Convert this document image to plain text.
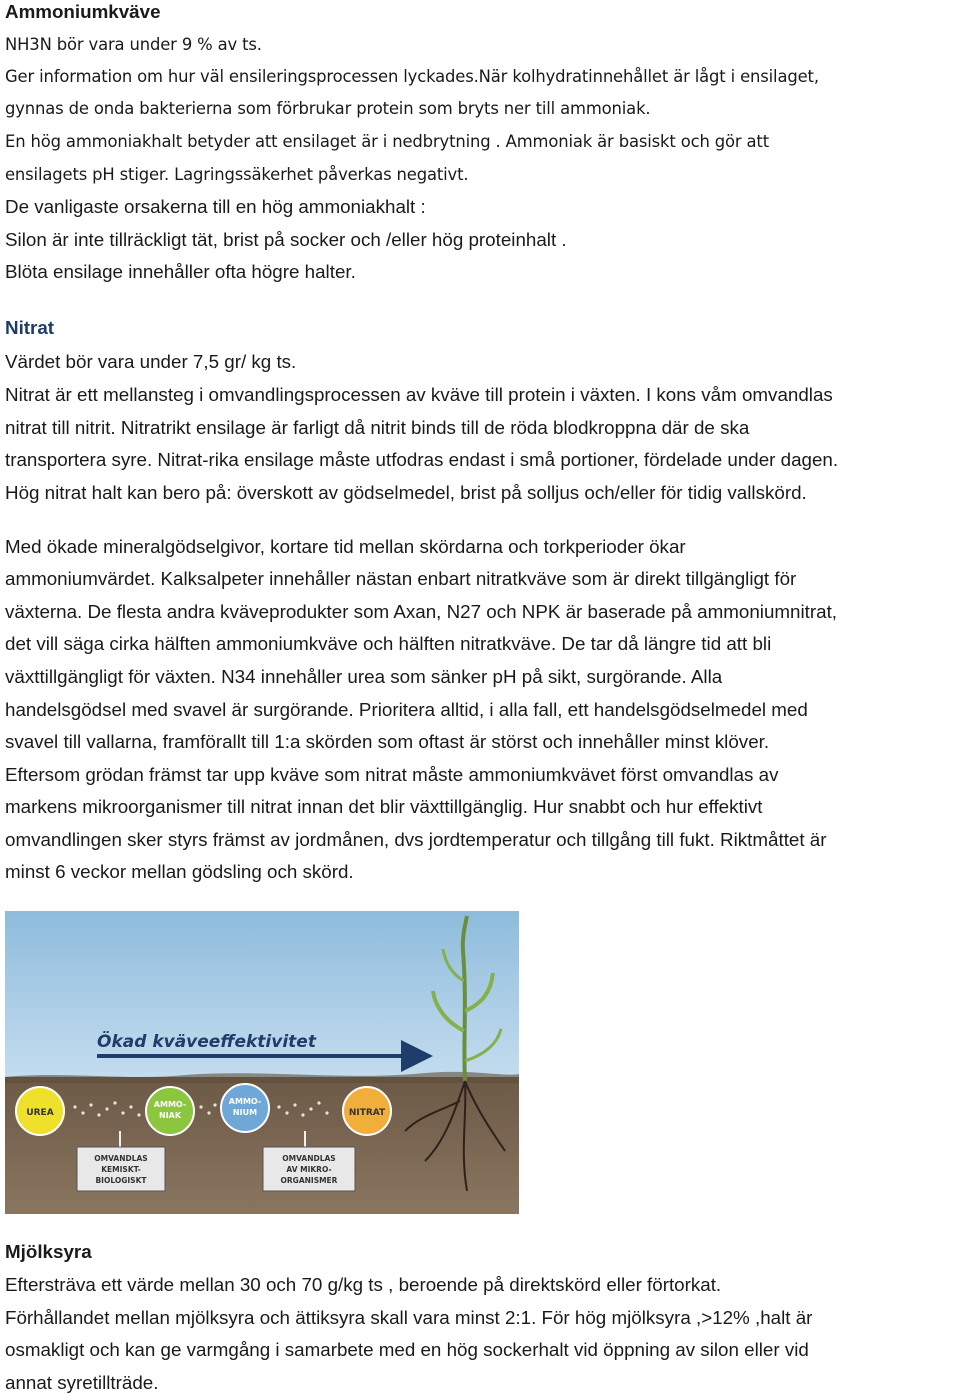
Ammoniumkväve
NH3N bör vara under 9 % av ts.
Ger information om hur väl ensileringsprocessen lyckades.När kolhydratinnehållet är lågt i ensilaget,
gynnas de onda bakterierna som förbrukar protein som bryts ner till ammoniak.
En hög ammoniakhalt betyder att ensilaget är i nedbrytning . Ammoniak är basiskt och gör att
ensilagets pH stiger. Lagringssäkerhet påverkas negativt.
De vanligaste orsakerna till en hög ammoniakhalt :
Silon är inte tillräckligt tät, brist på socker och /eller hög proteinhalt .
Blöta ensilage innehåller ofta högre halter.
Nitrat
Värdet bör vara under 7,5 gr/ kg ts.
Nitrat är ett mellansteg i omvandlingsprocessen av kväve till protein i växten. I kons våm omvandlas
nitrat till nitrit. Nitratrikt ensilage är farligt då nitrit binds till de röda blodkroppna där de ska
transportera syre. Nitrat-rika ensilage måste utfodras endast i små portioner, fördelade under dagen.
Hög nitrat halt kan bero på: överskott av gödselmedel, brist på solljus och/eller för tidig vallskörd.
Med ökade mineralgödselgivor, kortare tid mellan skördarna och torkperioder ökar
ammoniumvärdet. Kalksalpeter innehåller nästan enbart nitratkväve som är direkt tillgängligt för
växterna. De flesta andra kväveprodukter som Axan, N27 och NPK är baserade på ammoniumnitrat,
det vill säga cirka hälften ammoniumkväve och hälften nitratkväve. De tar då längre tid att bli
växttillgängligt för växten. N34 innehåller urea som sänker pH på sikt, surgörande. Alla
handelsgödsel med svavel är surgörande. Prioritera alltid, i alla fall, ett handelsgödselmedel med
svavel till vallarna, framförallt till 1:a skörden som oftast är störst och innehåller minst klöver.
Eftersom grödan främst tar upp kväve som nitrat måste ammoniumkvävet först omvandlas av
markens mikroorganismer till nitrat innan det blir växttillgänglig. Hur snabbt och hur effektivt
omvandlingen sker styrs främst av jordmånen, dvs jordtemperatur och tillgång till fukt. Riktmåttet är
minst 6 veckor mellan gödsling och skörd.
Ökad kväveeffektivitet
UREA
AMMO-
NIAK
AMMO-
NIUM	NITRAT
OMVANDLAS
KEMISKT-
BIOLOGISKT
OMVANDLAS
AV MIKRO-
ORGANISMER
Mjölksyra
Eftersträva ett värde mellan 30 och 70 g/kg ts , beroende på direktskörd eller förtorkat.
Förhållandet mellan mjölksyra och ättiksyra skall vara minst 2:1. För hög mjölksyra ,>12% ,halt är
osmakligt och kan ge varmgång i samarbete med en hög sockerhalt vid öppning av silon eller vid
annat syretillträde.
